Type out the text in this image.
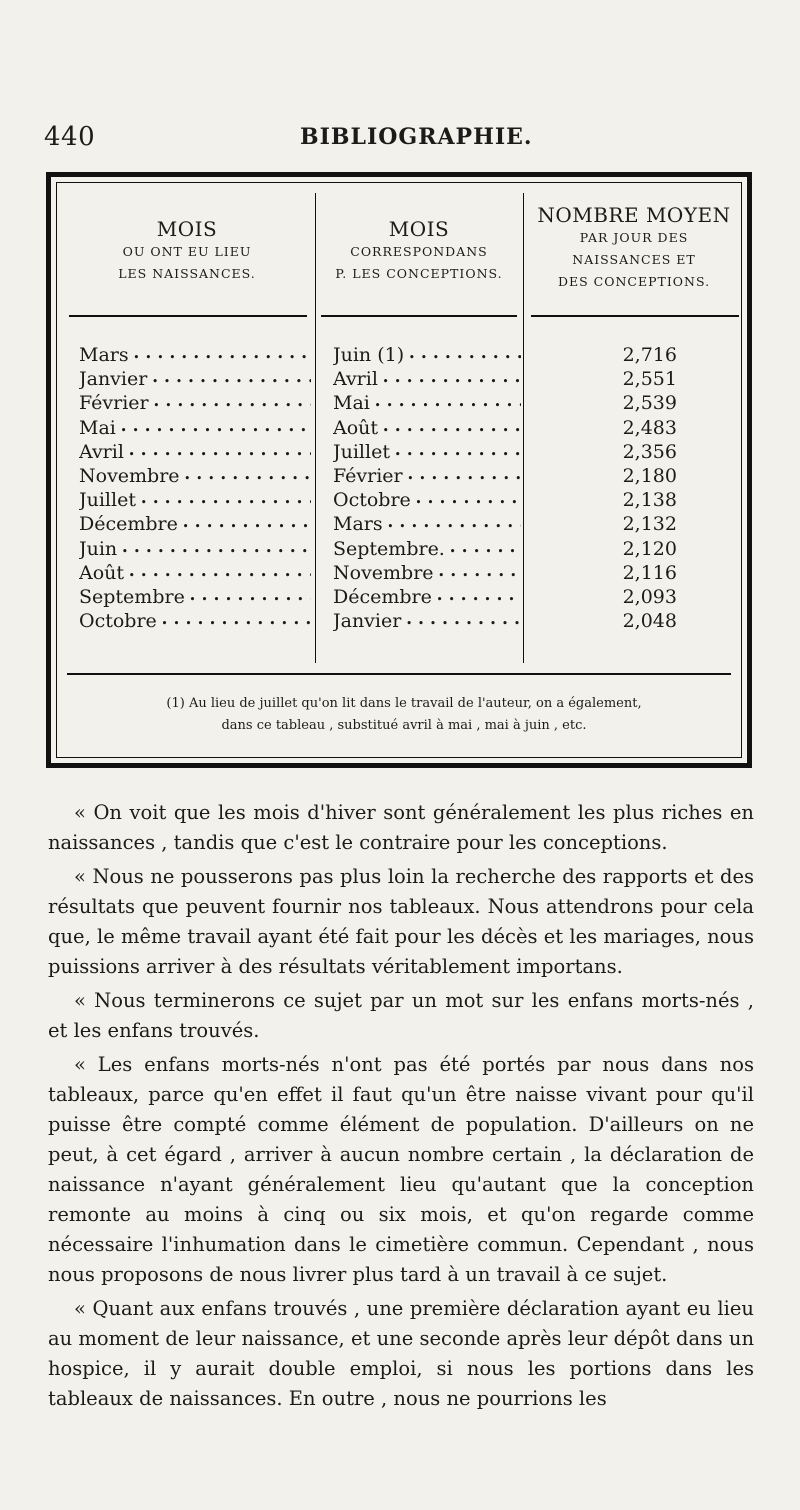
440	BIBLIOGRAPHIE.
MOIS
OU ONT EU LIEU
LES NAISSANCES.
MOIS
CORRESPONDANS
P. LES CONCEPTIONS.
NOMBRE MOYEN
PAR JOUR DES
NAISSANCES ET
DES CONCEPTIONS.
Mars • • •	Juin (1) • • •	2,716
Janvier • • •	Avril • • •	2,551
Février • • •	Mai • • •	2,539
Mai • • •	Août • • •	2,483
Avril • • •	Juillet • • •	2,356
Novembre • • •	Février • • •	2,180
Juillet • • •	Octobre • • •	2,138
Décembre • • •	Mars • • •	2,132
Juin • • •	Septembre. • • •	2,120
Août • • •	Novembre • • •	2,116
Septembre • • •	Décembre • • •	2,093
Octobre • • •	Janvier • • •	2,048
(1) Au lieu de juillet qu'on lit dans le travail de l'auteur, on a également,
dans ce tableau , substitué avril à mai , mai à juin , etc.

« On voit que les mois d'hiver sont généralement les plus riches en naissances , tandis que c'est le contraire pour les conceptions.

« Nous ne pousserons pas plus loin la recherche des rapports et des résultats que peuvent fournir nos tableaux. Nous attendrons pour cela que, le même travail ayant été fait pour les décès et les mariages, nous puissions arriver à des résultats véritablement importans.

« Nous terminerons ce sujet par un mot sur les enfans morts-nés , et les enfans trouvés.

« Les enfans morts-nés n'ont pas été portés par nous dans nos tableaux, parce qu'en effet il faut qu'un être naisse vivant pour qu'il puisse être compté comme élément de population. D'ailleurs on ne peut, à cet égard , arriver à aucun nombre certain , la déclaration de naissance n'ayant généralement lieu qu'autant que la conception remonte au moins à cinq ou six mois, et qu'on regarde comme nécessaire l'inhumation dans le cimetière commun. Cependant , nous nous proposons de nous livrer plus tard à un travail à ce sujet.

« Quant aux enfans trouvés , une première déclaration ayant eu lieu au moment de leur naissance, et une seconde après leur dépôt dans un hospice, il y aurait double emploi, si nous les portions dans les tableaux de naissances. En outre , nous ne pourrions les
